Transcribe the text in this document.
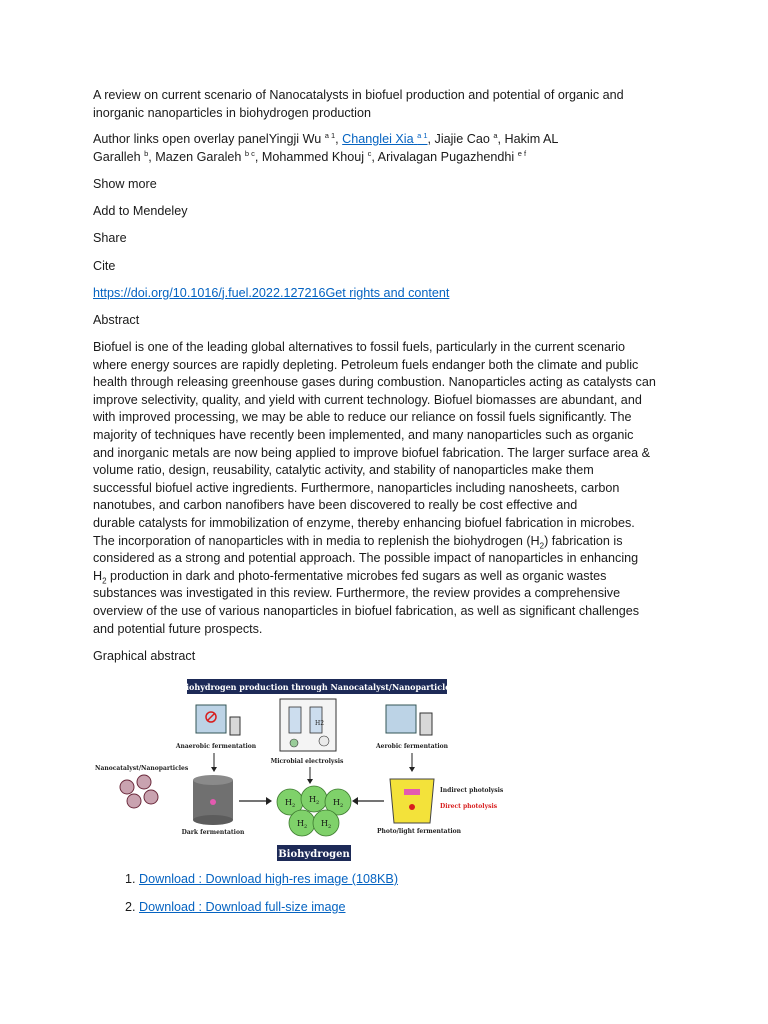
A review on current scenario of Nanocatalysts in biofuel production and potential of organic and inorganic nanoparticles in biohydrogen production

Author links open overlay panelYingji Wu $^{a 1}$, Changlei Xia $^{a 1}$, Jiajie Cao $^a$, Hakim AL
Garalleh $^b$, Mazen Garaleh $^{b c}$, Mohammed Khouj $^c$, Arivalagan Pugazhendhi $^{e f}$

Show more

Add to Mendeley

Share

Cite

https://doi.org/10.1016/j.fuel.2022.127216Get rights and content

Abstract

Biofuel is one of the leading global alternatives to fossil fuels, particularly in the current scenario

where energy sources are rapidly depleting. Petroleum fuels endanger both the climate and public

health through releasing greenhouse gases during combustion. Nanoparticles acting as catalysts can

improve selectivity, quality, and yield with current technology. Biofuel biomasses are abundant, and

with improved processing, we may be able to reduce our reliance on fossil fuels significantly. The

majority of techniques have recently been implemented, and many nanoparticles such as organic

and inorganic metals are now being applied to improve biofuel fabrication. The larger surface area &

volume ratio, design, reusability, catalytic activity, and stability of nanoparticles make them

successful biofuel active ingredients. Furthermore, nanoparticles including nanosheets, carbon

nanotubes, and carbon nanofibers have been discovered to really be cost effective and

durable catalysts for immobilization of enzyme, thereby enhancing biofuel fabrication in microbes.

The incorporation of nanoparticles with in media to replenish the biohydrogen $(H_2)$ fabrication is

considered as a strong and potential approach. The possible impact of nanoparticles in enhancing

$H_2$ production in dark and photo-fermentative microbes fed sugars as well as organic wastes

substances was investigated in this review. Furthermore, the review provides a comprehensive

overview of the use of various nanoparticles in biofuel fabrication, as well as significant challenges

and potential future prospects.

Graphical abstract

Biohydrogen production through Nanocatalyst/Nanoparticles
Anaerobic fermentation
H2
Microbial electrolysis
Aerobic fermentation
Nanocatalyst/Nanoparticles
Dark fermentation
$H_2$
$H_2$ $H_2$
$H_2$ $H_2$
Indirect photolysis
Direct photolysis
Photo/light fermentation
Biohydrogen
1. Download : Download high-res image (108KB)
2. Download : Download full-size image
